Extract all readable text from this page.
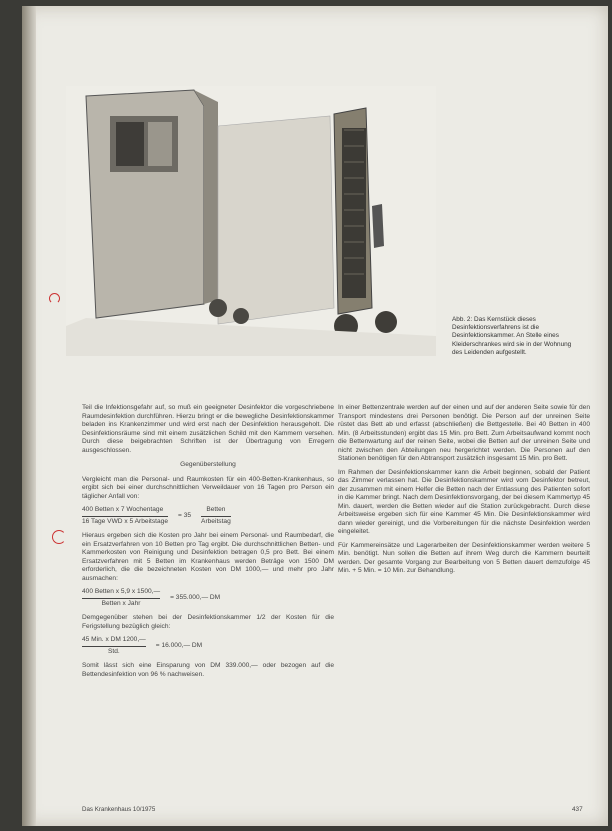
Abb. 2: Das Kernstück dieses Desinfektionsverfahrens ist die Desinfektionskammer. An Stelle eines Kleiderschrankes wird sie in der Wohnung des Leidenden aufgestellt.

Teil die Infektionsgefahr auf, so muß ein geeigneter Desinfektor die vorgeschriebene Raumdesinfektion durchführen. Hierzu bringt er die bewegliche Desinfektionskammer beladen ins Krankenzimmer und wird erst nach der Desinfektion herausgeholt. Die Desinfektionsräume sind mit einem zusätzlichen Schild mit den Kammern versehen. Durch diese beigebrachten Schriften ist der Übertragung von Erregern ausgeschlossen.

Gegenüberstellung

Vergleicht man die Personal- und Raumkosten für ein 400-Betten-Krankenhaus, so ergibt sich bei einer durchschnittlichen Verweildauer von 16 Tagen pro Person ein täglicher Anfall von:

$\frac{\text{400 Betten x 7 Wochentage}}{\text{16 Tage VWD x 5 Arbeitstage}} = 35 \frac{\text{Betten}}{\text{Arbeitstag}}$

Hieraus ergeben sich die Kosten pro Jahr bei einem Personal- und Raumbedarf, die ein Ersatzverfahren von 10 Betten pro Tag ergibt. Die durchschnittlichen Betten- und Kammerkosten von Reinigung und Desinfektion betragen 0,5 pro Bett. Bei einem Ersatzverfahren mit 5 Betten im Krankenhaus werden Beträge von 1500 DM erforderlich, die die bezeichneten Kosten von DM 1000,— und mehr pro Jahr ausmachen:

$\frac{\text{400 Betten x 5,9 x 1500,—}}{\text{Betten x Jahr}}$ = 355.000,— DM

Demgegenüber stehen bei der Desinfektionskammer 1/2 der Kosten für die Ferigstellung bezüglich gleich:

$\frac{\text{45 Min. x DM 1200,—}}{\text{Std.}}$ = 16.000,— DM

Somit lässt sich eine Einsparung von DM 339.000,— oder bezogen auf die Bettendesinfektion von 96 % nachweisen.

In einer Bettenzentrale werden auf der einen und auf der anderen Seite sowie für den Transport mindestens drei Personen benötigt. Die Person auf der unreinen Seite rüstet das Bett ab und erfasst (abschließen) die Bettgestelle. Bei 40 Betten in 400 Min. (8 Arbeitsstunden) ergibt das 15 Min. pro Bett. Zum Arbeitsaufwand kommt noch die Bettenwartung auf der reinen Seite, wobei die Betten auf der unreinen Seite und nicht zwischen den Abteilungen neu hergerichtet werden. Die Personen auf den Stationen benötigen für den Abtransport zusätzlich insgesamt 15 Min. pro Bett.

Im Rahmen der Desinfektionskammer kann die Arbeit beginnen, sobald der Patient das Zimmer verlassen hat. Die Desinfektionskammer wird vom Desinfektor betreut, der zusammen mit einem Helfer die Betten nach der Entlassung des Patienten sofort in die Kammer bringt. Nach dem Desinfektionsvorgang, der bei diesem Kammertyp 45 Min. dauert, werden die Betten wieder auf die Station zurückgebracht. Durch diese Arbeitsweise ergeben sich für eine Kammer 45 Min. Die Desinfektionskammer wird dann wieder gereinigt, und die Vorbereitungen für die nächste Desinfektion werden eingeleitet.

Für Kammereinsätze und Lagerarbeiten der Desinfektionskammer werden weitere 5 Min. benötigt. Nun sollen die Betten auf ihrem Weg durch die Kammern beurteilt werden. Der gesamte Vorgang zur Bearbeitung von 5 Betten dauert demzufolge 45 Min. + 5 Min. = 10 Min. zur Behandlung.

Das Krankenhaus 10/1975	437
